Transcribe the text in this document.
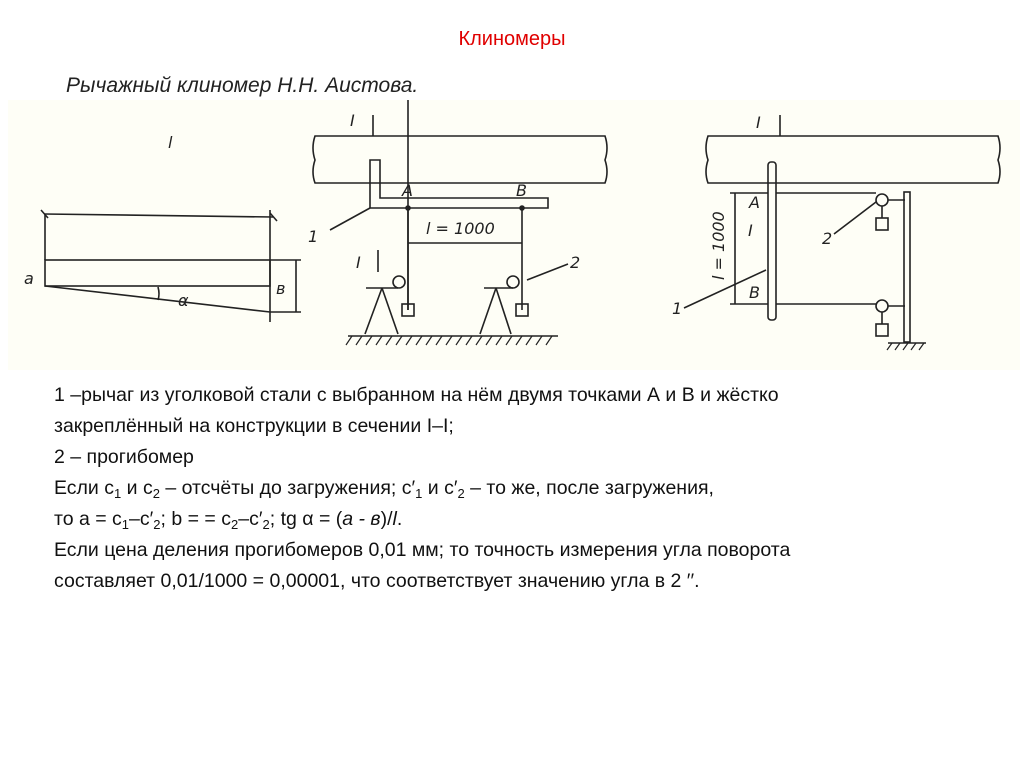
Клиномеры
Рычажный клиномер Н.Н. Аистова.
l
a
в
α
I
A	B
l = 1000
1
I	2
I
A
B
I
l = 1000
1
2

1 –рычаг из уголковой стали с выбранном на нём двумя точками А и В и жёстко

закреплённый на конструкции в сечении I–I;

2 – прогибомер

Если $с_1$ и $с_2$ – отсчёты до загружения; $с'_1$ и $с'_2$ – то же, после загружения,

то $а = с_1-с'_2$; b = = $с_2-с'_2$; tg α = (а - в)/l.

Если цена деления прогибомеров 0,01 мм; то точность измерения угла поворота

составляет 0,01/1000 = 0,00001, что соответствует значению угла в 2 ′′.
